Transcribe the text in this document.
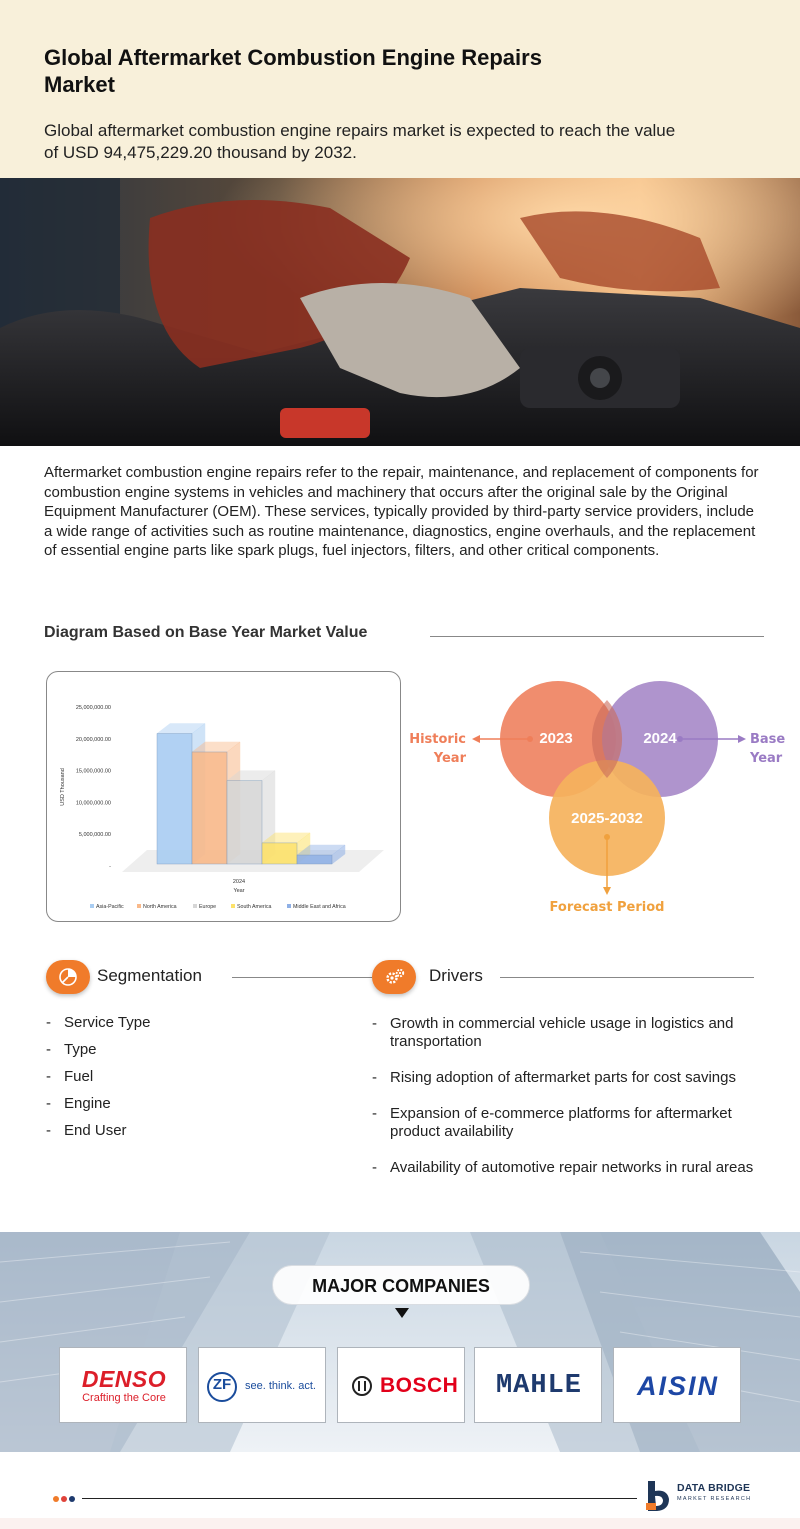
Global Aftermarket Combustion Engine Repairs Market

Global aftermarket combustion engine repairs market is expected to reach the value of USD 94,475,229.20 thousand by 2032.

Aftermarket combustion engine repairs refer to the repair, maintenance, and replacement of components for combustion engine systems in vehicles and machinery that occurs after the original sale by the Original Equipment Manufacturer (OEM). These services, typically provided by third-party service providers, include a wide range of activities such as routine maintenance, diagnostics, engine overhauls, and the replacement of essential engine parts like spark plugs, fuel injectors, filters, and other critical components.

Diagram Based on Base Year Market Value
-
5,000,000.00
10,000,000.00
15,000,000.00
20,000,000.00
25,000,000.00
USD Thousand
2024
Year
Asia-Pacific	North America	Europe	South America	Middle East and Africa
2023	2024
2025-2032
Historic
Year
Base
Year
Forecast Period
Segmentation
- Service Type
- Type
- Fuel
- Engine
- End User
Drivers
- Growth in commercial vehicle usage in logistics and transportation
- Rising adoption of aftermarket parts for cost savings
- Expansion of e-commerce platforms for aftermarket product availability
- Availability of automotive repair networks in rural areas
MAJOR COMPANIES
DENSO
Crafting the Core
ZF	see. think. act.	BOSCH	MAHLE	AISIN
DATA BRIDGE
MARKET RESEARCH
